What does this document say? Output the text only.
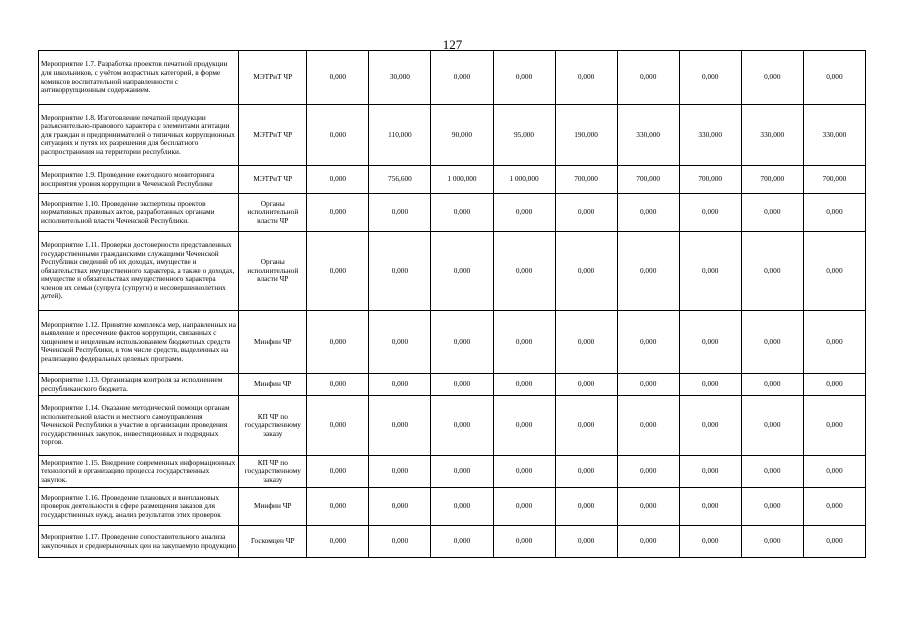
127
Мероприятие 1.7. Разработка проектов печатной продукции для школьников, с учётом возрастных категорий, в форме комиксов воспитательной направленности с антикоррупционным содержанием.	МЭТРиТ ЧР	0,000	30,000	0,000	0,000	0,000	0,000	0,000	0,000	0,000
Мероприятие 1.8. Изготовление печатной продукции разъяснительно-правового характера с элементами агитации для граждан и предпринимателей о типичных коррупционных ситуациях и путях их разрешения для бесплатного распространения на территории республики.	МЭТРиТ ЧР	0,000	110,000	90,000	95,000	190,000	330,000	330,000	330,000	330,000
Мероприятие 1.9. Проведение ежегодного мониторинга восприятия уровня коррупции в Чеченской Республике	МЭТРиТ ЧР	0,000	756,600	1 000,000	1 000,000	700,000	700,000	700,000	700,000	700,000
Мероприятие 1.10. Проведение экспертизы проектов нормативных правовых актов, разработанных органами исполнительной власти Чеченской Республики.	Органы исполнительной власти ЧР	0,000	0,000	0,000	0,000	0,000	0,000	0,000	0,000	0,000
Мероприятие 1.11. Проверки достоверности представленных государственными гражданскими служащими Чеченской Республики сведений об их доходах, имуществе и обязательствах имущественного характера, а также о доходах, имуществе и обязательствах имущественного характера членов их семьи (супруга (супруги) и несовершеннолетних детей).	Органы исполнительной власти ЧР	0,000	0,000	0,000	0,000	0,000	0,000	0,000	0,000	0,000
Мероприятие 1.12. Принятие комплекса мер, направленных на выявление и пресечение фактов коррупции, связанных с хищением и нецелевым использованием бюджетных средств Чеченской Республики, в том числе средств, выделенных на реализацию федеральных целевых программ.	Минфин ЧР	0,000	0,000	0,000	0,000	0,000	0,000	0,000	0,000	0,000
Мероприятие 1.13. Организация контроля за исполнением республиканского бюджета.	Минфин ЧР	0,000	0,000	0,000	0,000	0,000	0,000	0,000	0,000	0,000
Мероприятие 1.14. Оказание методической помощи органам исполнительной власти и местного самоуправления Чеченской Республики в участие в организации проведения государственных закупок, инвестиционных и подрядных торгов.	КП ЧР по государственному заказу	0,000	0,000	0,000	0,000	0,000	0,000	0,000	0,000	0,000
Мероприятие 1.15. Внедрение современных информационных технологий в организацию процесса государственных закупок.	КП ЧР по государственному заказу	0,000	0,000	0,000	0,000	0,000	0,000	0,000	0,000	0,000
Мероприятие 1.16. Проведение плановых и внеплановых проверок деятельности в сфере размещения заказов для государственных нужд, анализ результатов этих проверок	Минфин ЧР	0,000	0,000	0,000	0,000	0,000	0,000	0,000	0,000	0,000
Мероприятие 1.17. Проведение сопоставительного анализа закупочных и среднерыночных цен на закупаемую продукцию	Госкомцен ЧР	0,000	0,000	0,000	0,000	0,000	0,000	0,000	0,000	0,000
